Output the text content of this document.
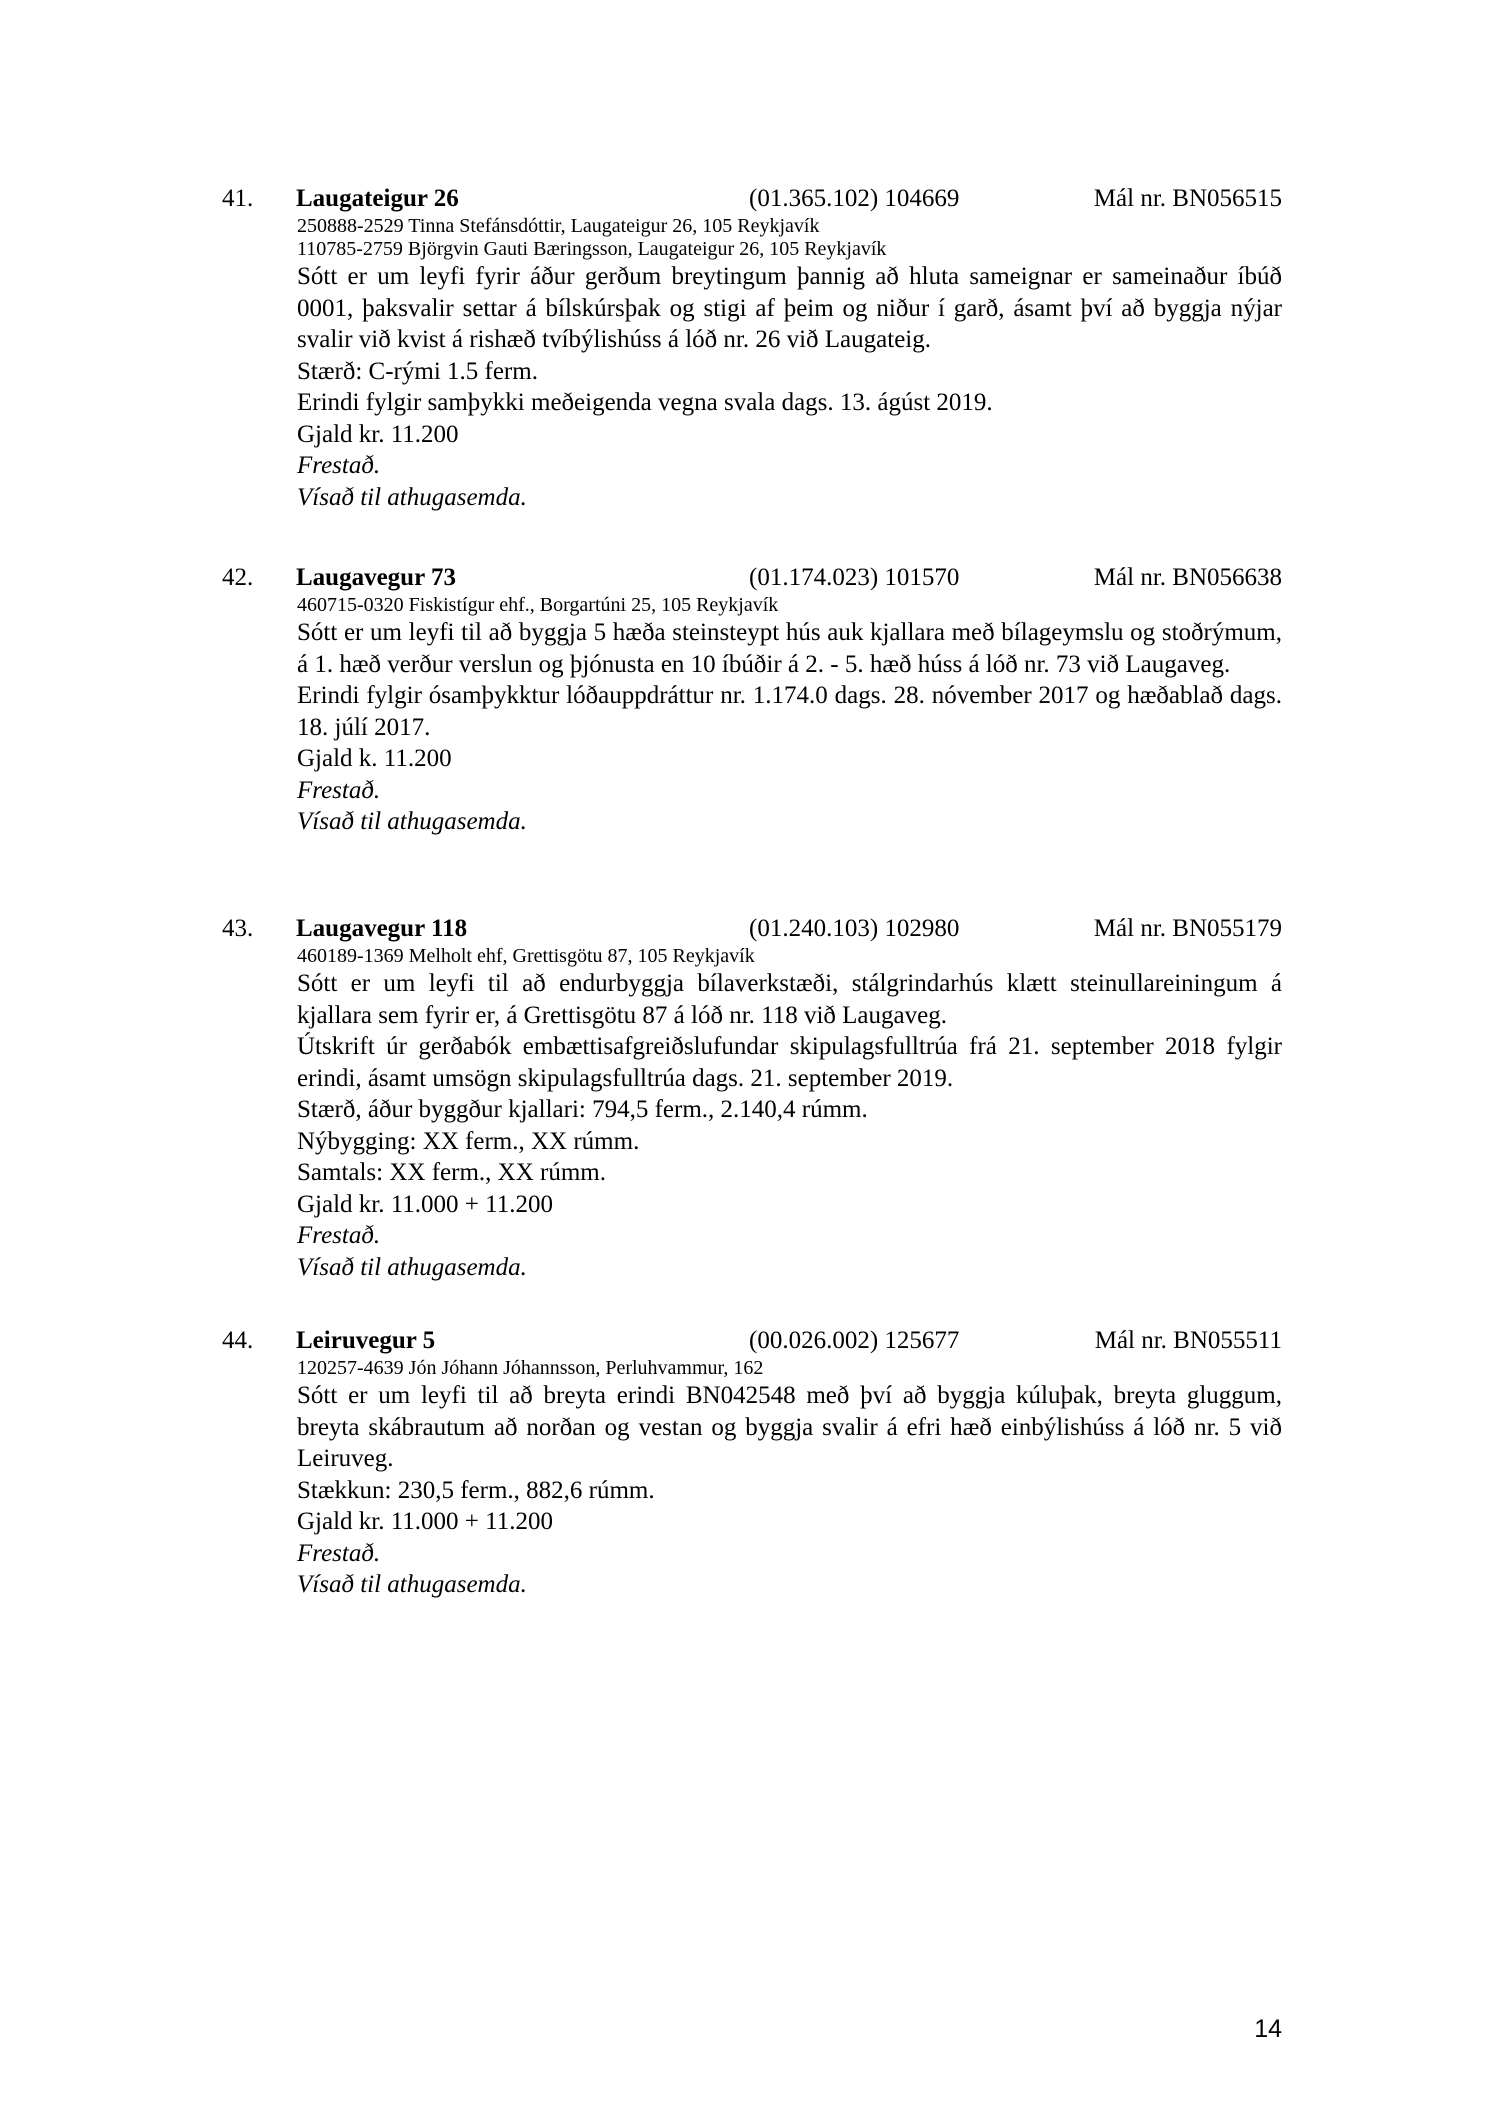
41. Laugateigur 26	(01.365.102) 104669	Mál nr. BN056515
250888-2529 Tinna Stefánsdóttir, Laugateigur 26, 105 Reykjavík
110785-2759 Björgvin Gauti Bæringsson, Laugateigur 26, 105 Reykjavík
Sótt er um leyfi fyrir áður gerðum breytingum þannig að hluta sameignar er sameinaður íbúð 0001, þaksvalir settar á bílskúrsþak og stigi af þeim og niður í garð, ásamt því að byggja nýjar svalir við kvist á rishæð tvíbýlishúss á lóð nr. 26 við Laugateig.
Stærð: C-rými 1.5 ferm.
Erindi fylgir samþykki meðeigenda vegna svala dags. 13. ágúst 2019.
Gjald kr. 11.200
Frestað.
Vísað til athugasemda.
42. Laugavegur 73	(01.174.023) 101570	Mál nr. BN056638
460715-0320 Fiskistígur ehf., Borgartúni 25, 105 Reykjavík
Sótt er um leyfi til að byggja 5 hæða steinsteypt hús auk kjallara með bílageymslu og stoðrýmum, á 1. hæð verður verslun og þjónusta en 10 íbúðir á 2. - 5. hæð húss á lóð nr. 73 við Laugaveg.
Erindi fylgir ósamþykktur lóðauppdráttur nr. 1.174.0 dags. 28. nóvember 2017 og hæðablað dags. 18. júlí 2017.
Gjald k. 11.200
Frestað.
Vísað til athugasemda.
43. Laugavegur 118	(01.240.103) 102980	Mál nr. BN055179
460189-1369 Melholt ehf, Grettisgötu 87, 105 Reykjavík
Sótt er um leyfi til að endurbyggja bílaverkstæði, stálgrindarhús klætt steinullareiningum á kjallara sem fyrir er, á Grettisgötu 87 á lóð nr. 118 við Laugaveg.
Útskrift úr gerðabók embættisafgreiðslufundar skipulagsfulltrúa frá 21. september 2018 fylgir erindi, ásamt umsögn skipulagsfulltrúa dags. 21. september 2019.
Stærð, áður byggður kjallari: 794,5 ferm., 2.140,4 rúmm.
Nýbygging: XX ferm., XX rúmm.
Samtals: XX ferm., XX rúmm.
Gjald kr. 11.000 + 11.200
Frestað.
Vísað til athugasemda.
44. Leiruvegur 5	(00.026.002) 125677	Mál nr. BN055511
120257-4639 Jón Jóhann Jóhannsson, Perluhvammur, 162
Sótt er um leyfi til að breyta erindi BN042548 með því að byggja kúluþak, breyta gluggum, breyta skábrautum að norðan og vestan og byggja svalir á efri hæð einbýlishúss á lóð nr. 5 við Leiruveg.
Stækkun: 230,5 ferm., 882,6 rúmm.
Gjald kr. 11.000 + 11.200
Frestað.
Vísað til athugasemda.
14
